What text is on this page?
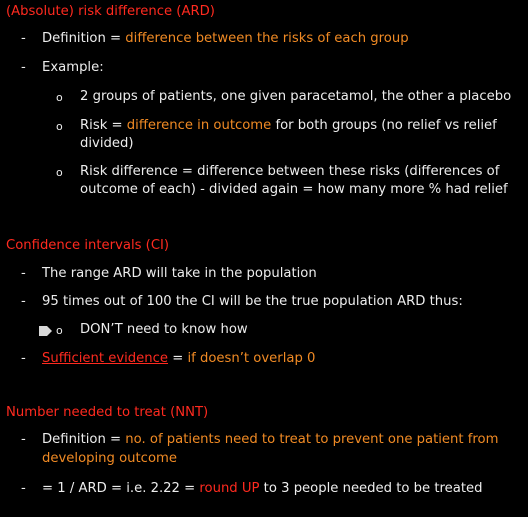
(Absolute) risk difference (ARD)
- Definition = difference between the risks of each group
- Example:
o 2 groups of patients, one given paracetamol, the other a placebo
o Risk = difference in outcome for both groups (no relief vs relief
divided)
o Risk difference = difference between these risks (differences of
outcome of each) - divided again = how many more % had relief
Confidence intervals (CI)
- The range ARD will take in the population
- 95 times out of 100 the CI will be the true population ARD thus:
o DON’T need to know how
- Sufficient evidence = if doesn’t overlap 0
Number needed to treat (NNT)
- Definition = no. of patients need to treat to prevent one patient from
developing outcome
- = 1 / ARD = i.e. 2.22 = round UP to 3 people needed to be treated
